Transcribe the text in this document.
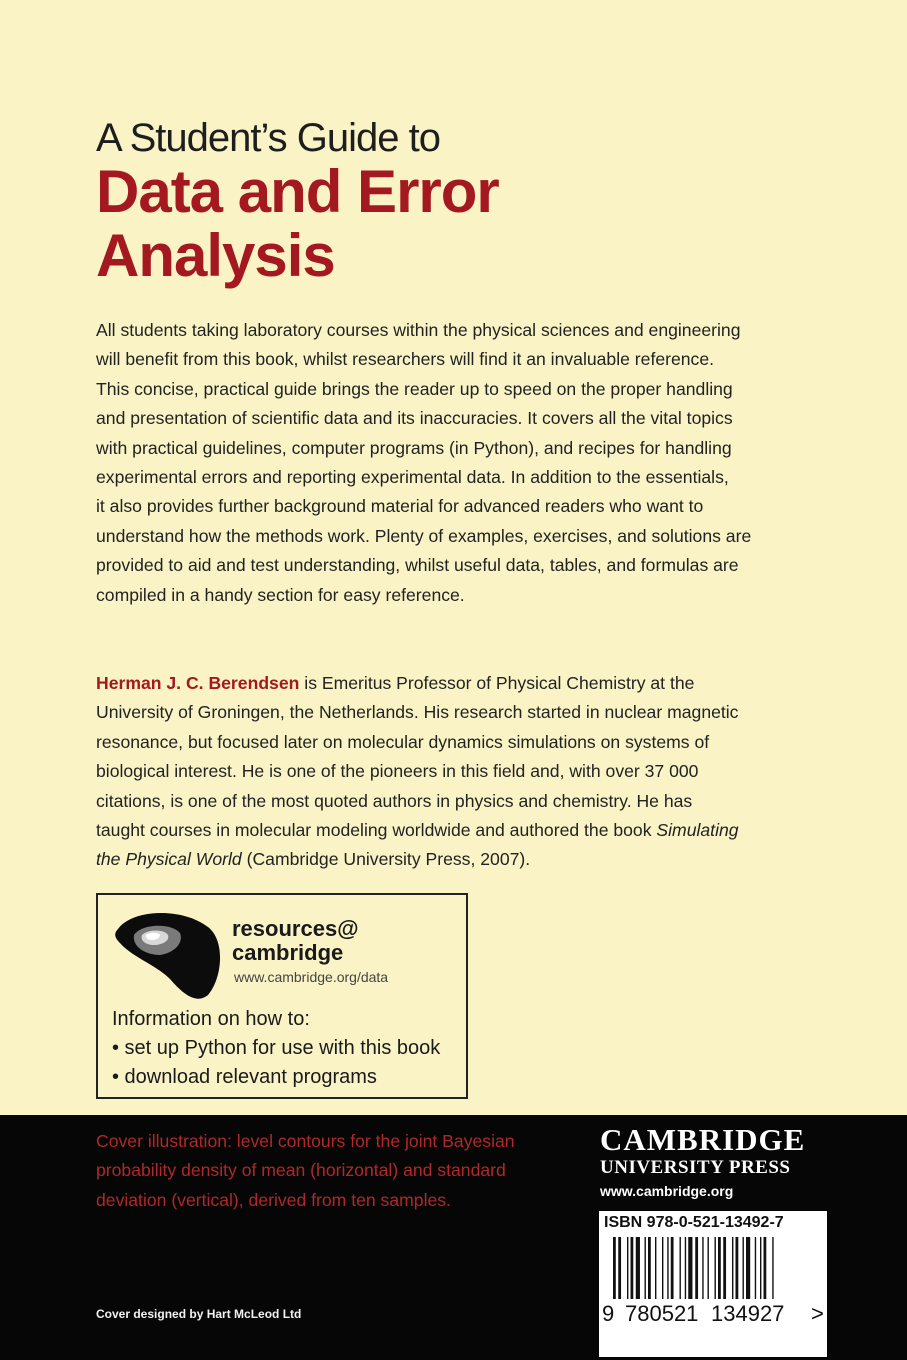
A Student’s Guide to
Data and Error
Analysis

All students taking laboratory courses within the physical sciences and engineering

will benefit from this book, whilst researchers will find it an invaluable reference.

This concise, practical guide brings the reader up to speed on the proper handling

and presentation of scientific data and its inaccuracies. It covers all the vital topics

with practical guidelines, computer programs (in Python), and recipes for handling

experimental errors and reporting experimental data. In addition to the essentials,

it also provides further background material for advanced readers who want to

understand how the methods work. Plenty of examples, exercises, and solutions are

provided to aid and test understanding, whilst useful data, tables, and formulas are

compiled in a handy section for easy reference.

Herman J. C. Berendsen is Emeritus Professor of Physical Chemistry at the

University of Groningen, the Netherlands. His research started in nuclear magnetic

resonance, but focused later on molecular dynamics simulations on systems of

biological interest. He is one of the pioneers in this field and, with over 37 000

citations, is one of the most quoted authors in physics and chemistry. He has

taught courses in molecular modeling worldwide and authored the book Simulating

the Physical World (Cambridge University Press, 2007).

resources@
cambridge
www.cambridge.org/data
Information on how to:
• set up Python for use with this book
• download relevant programs
Cover illustration: level contours for the joint Bayesian
probability density of mean (horizontal) and standard
deviation (vertical), derived from ten samples.
Cover designed by Hart McLeod Ltd
CAMBRIDGE
UNIVERSITY PRESS
www.cambridge.org
ISBN 978-0-521-13492-7
9 780521 134927 >
